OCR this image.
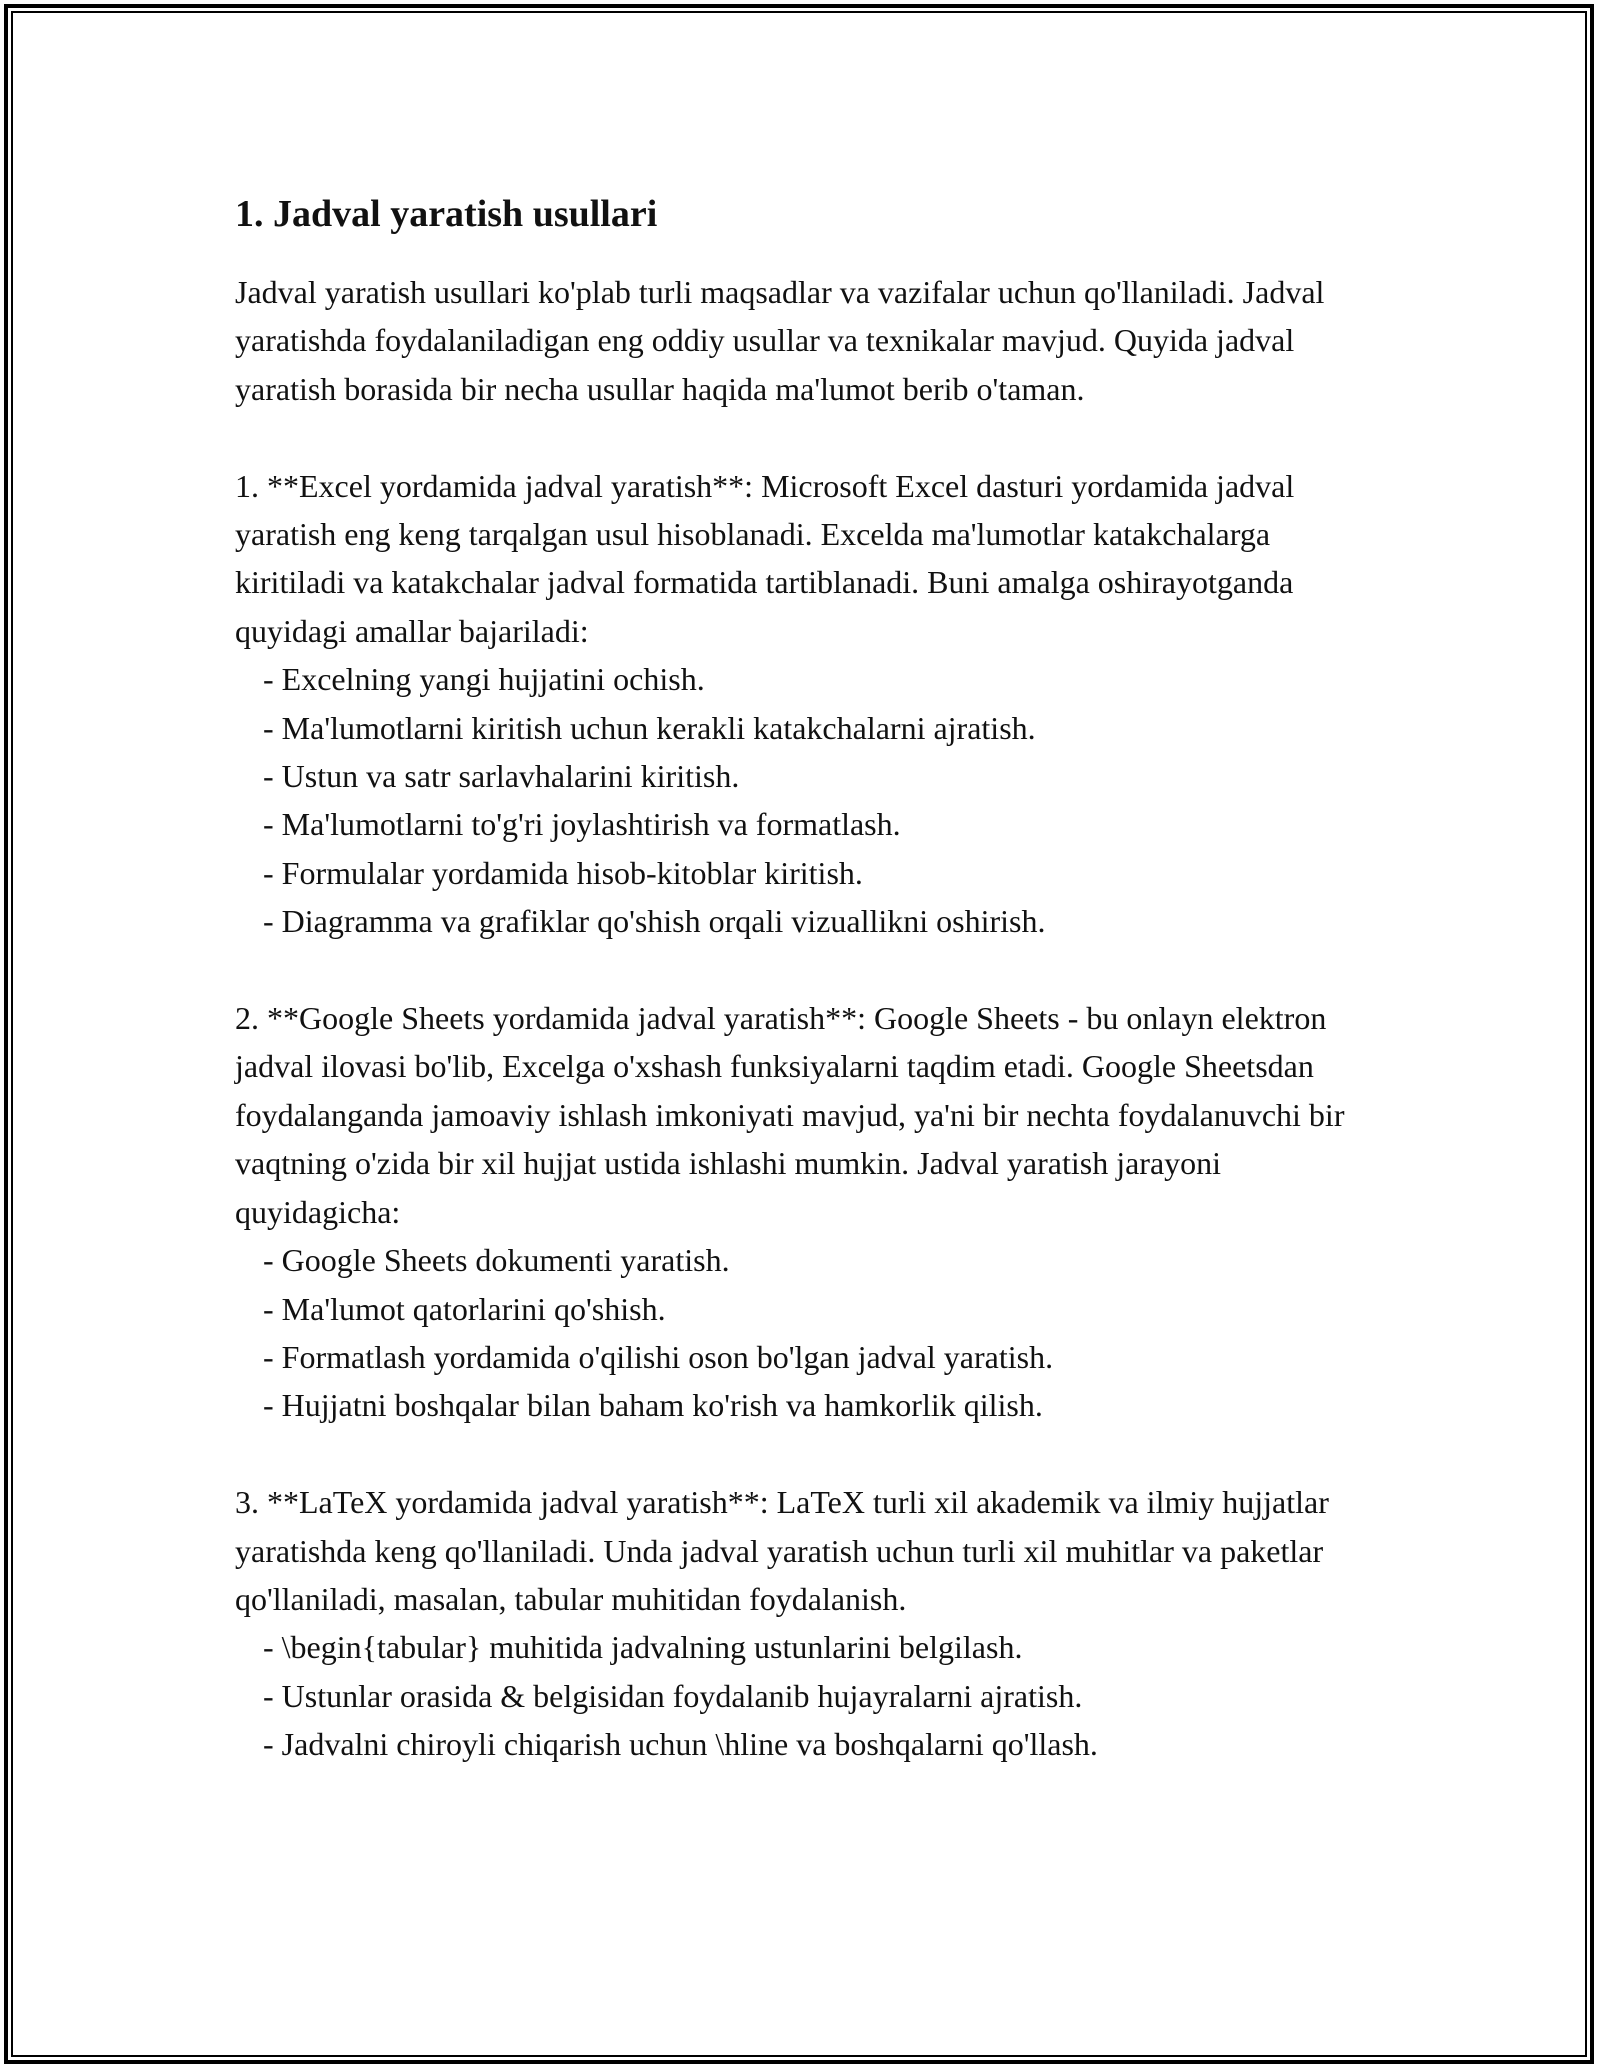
1. Jadval yaratish usullari

Jadval yaratish usullari ko'plab turli maqsadlar va vazifalar uchun qo'llaniladi. Jadval yaratishda foydalaniladigan eng oddiy usullar va texnikalar mavjud. Quyida jadval yaratish borasida bir necha usullar haqida ma'lumot berib o'taman.

1. **Excel yordamida jadval yaratish**: Microsoft Excel dasturi yordamida jadval yaratish eng keng tarqalgan usul hisoblanadi. Excelda ma'lumotlar katakchalarga kiritiladi va katakchalar jadval formatida tartiblanadi. Buni amalga oshirayotganda quyidagi amallar bajariladi:

- Excelning yangi hujjatini ochish.
- Ma'lumotlarni kiritish uchun kerakli katakchalarni ajratish.
- Ustun va satr sarlavhalarini kiritish.
- Ma'lumotlarni to'g'ri joylashtirish va formatlash.
- Formulalar yordamida hisob-kitoblar kiritish.
- Diagramma va grafiklar qo'shish orqali vizuallikni oshirish.

2. **Google Sheets yordamida jadval yaratish**: Google Sheets - bu onlayn elektron jadval ilovasi bo'lib, Excelga o'xshash funksiyalarni taqdim etadi. Google Sheetsdan foydalanganda jamoaviy ishlash imkoniyati mavjud, ya'ni bir nechta foydalanuvchi bir vaqtning o'zida bir xil hujjat ustida ishlashi mumkin. Jadval yaratish jarayoni quyidagicha:

- Google Sheets dokumenti yaratish.
- Ma'lumot qatorlarini qo'shish.
- Formatlash yordamida o'qilishi oson bo'lgan jadval yaratish.
- Hujjatni boshqalar bilan baham ko'rish va hamkorlik qilish.

3. **LaTeX yordamida jadval yaratish**: LaTeX turli xil akademik va ilmiy hujjatlar yaratishda keng qo'llaniladi. Unda jadval yaratish uchun turli xil muhitlar va paketlar qo'llaniladi, masalan, tabular muhitidan foydalanish.

- \begin{tabular} muhitida jadvalning ustunlarini belgilash.
- Ustunlar orasida & belgisidan foydalanib hujayralarni ajratish.
- Jadvalni chiroyli chiqarish uchun \hline va boshqalarni qo'llash.
